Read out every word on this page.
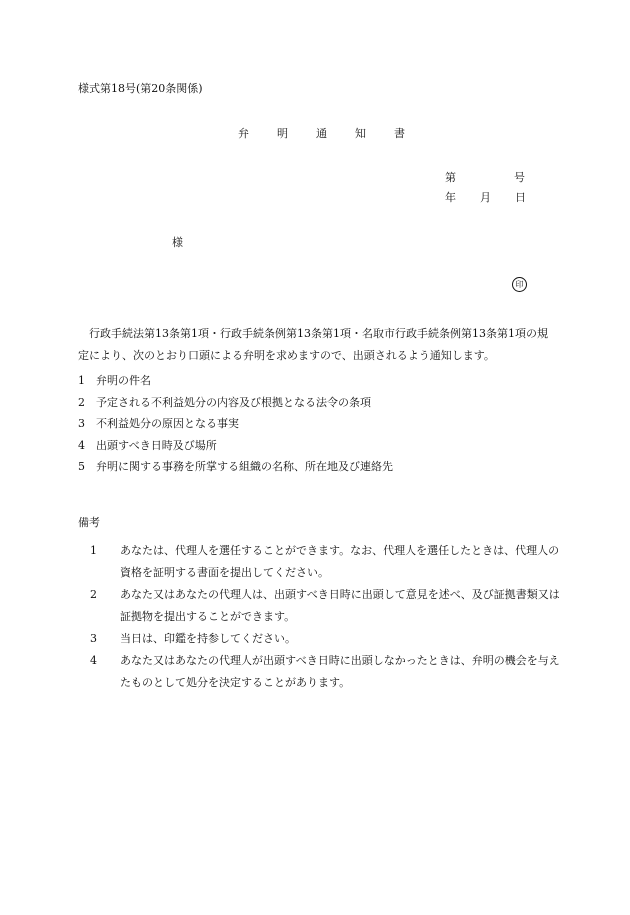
様式第18号(第20条関係)
弁	明	通	知	書
第	号
年 月 日
様
印
行政手続法第13条第1項・行政手続条例第13条第1項・名取市行政手続条例第13条第1項の規定により、次のとおり口頭による弁明を求めますので、出頭されるよう通知します。
1 弁明の件名
2 予定される不利益処分の内容及び根拠となる法令の条項
3 不利益処分の原因となる事実
4 出頭すべき日時及び場所
5 弁明に関する事務を所掌する組織の名称、所在地及び連絡先
備考
1 あなたは、代理人を選任することができます。なお、代理人を選任したときは、代理人の資格を証明する書面を提出してください。
2 あなた又はあなたの代理人は、出頭すべき日時に出頭して意見を述べ、及び証拠書類又は証拠物を提出することができます。
3 当日は、印鑑を持参してください。
4 あなた又はあなたの代理人が出頭すべき日時に出頭しなかったときは、弁明の機会を与えたものとして処分を決定することがあります。
